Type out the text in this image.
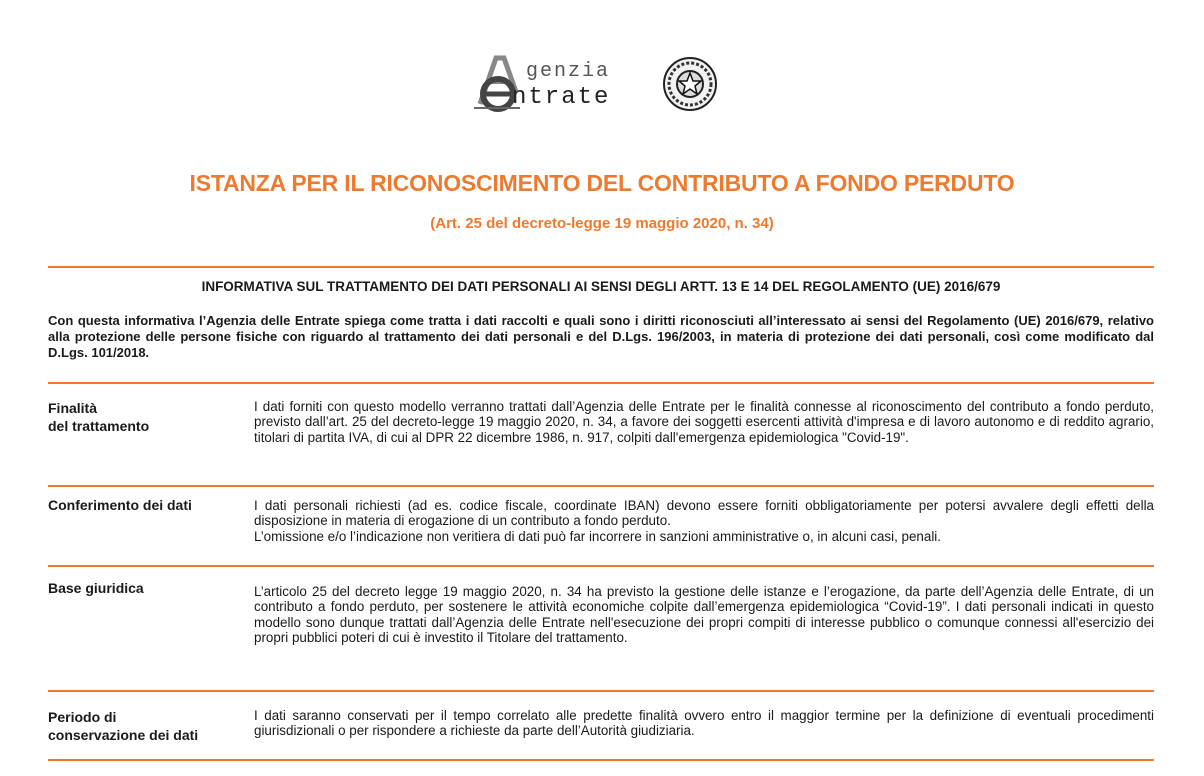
genzia
ntrate
ISTANZA PER IL RICONOSCIMENTO DEL CONTRIBUTO A FONDO PERDUTO
(Art. 25 del decreto-legge 19 maggio 2020, n. 34)
INFORMATIVA SUL TRATTAMENTO DEI DATI PERSONALI AI SENSI DEGLI ARTT. 13 E 14 DEL REGOLAMENTO (UE) 2016/679
Con questa informativa l’Agenzia delle Entrate spiega come tratta i dati raccolti e quali sono i diritti riconosciuti all’interessato ai sensi del Regolamento (UE) 2016/679, relativo alla protezione delle persone fisiche con riguardo al trattamento dei dati personali e del D.Lgs. 196/2003, in materia di protezione dei dati personali, così come modificato dal D.Lgs. 101/2018.
Finalità
del trattamento

I dati forniti con questo modello verranno trattati dall’Agenzia delle Entrate per le finalità connesse al riconoscimento del contributo a fondo perduto, previsto dall’art. 25 del decreto-legge 19 maggio 2020, n. 34, a favore dei soggetti esercenti attività d'impresa e di lavoro autonomo e di reddito agrario, titolari di partita IVA, di cui al DPR 22 dicembre 1986, n. 917, colpiti dall'emergenza epidemiologica "Covid-19".

Conferimento dei dati	I dati personali richiesti (ad es. codice fiscale, coordinate IBAN) devono essere forniti obbligatoriamente per potersi avvalere degli effetti della disposizione in materia di erogazione di un contributo a fondo perduto.

L’omissione e/o l’indicazione non veritiera di dati può far incorrere in sanzioni amministrative o, in alcuni casi, penali.

Base giuridica	L’articolo 25 del decreto legge 19 maggio 2020, n. 34 ha previsto la gestione delle istanze e l’erogazione, da parte dell’Agenzia delle Entrate, di un contributo a fondo perduto, per sostenere le attività economiche colpite dall’emergenza epidemiologica “Covid-19”. I dati personali indicati in questo modello sono dunque trattati dall’Agenzia delle Entrate nell'esecuzione dei propri compiti di interesse pubblico o comunque connessi all'esercizio dei propri pubblici poteri di cui è investito il Titolare del trattamento.

Periodo di
conservazione dei dati

I dati saranno conservati per il tempo correlato alle predette finalità ovvero entro il maggior termine per la definizione di eventuali procedimenti giurisdizionali o per rispondere a richieste da parte dell’Autorità giudiziaria.
